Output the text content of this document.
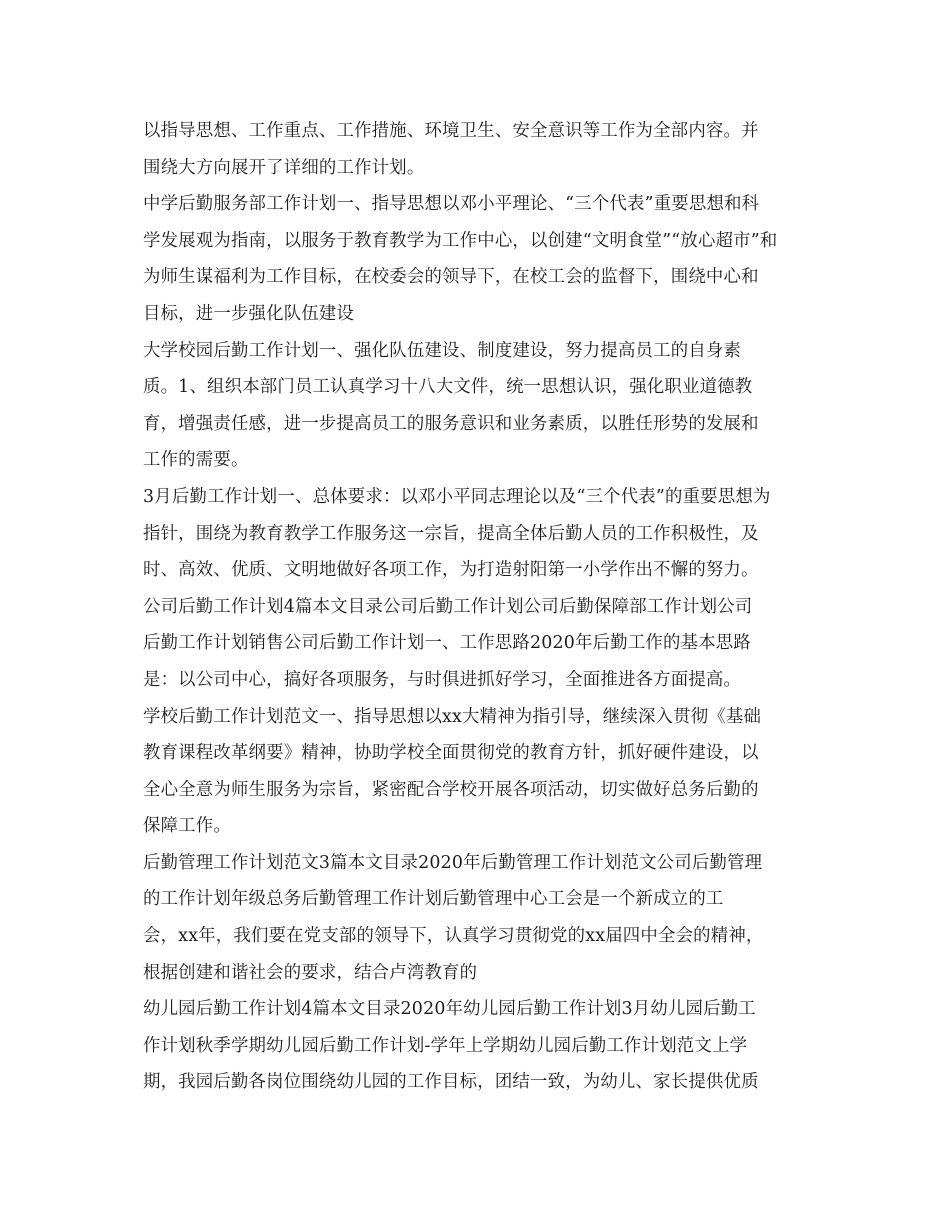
以指导思想、工作重点、工作措施、环境卫生、安全意识等工作为全部内容。并
围绕大方向展开了详细的工作计划。
中学后勤服务部工作计划一、指导思想以邓小平理论、“三个代表”重要思想和科
学发展观为指南，以服务于教育教学为工作中心，以创建“文明食堂”“放心超市”和
为师生谋福利为工作目标，在校委会的领导下，在校工会的监督下，围绕中心和
目标，进一步强化队伍建设
大学校园后勤工作计划一、强化队伍建设、制度建设，努力提高员工的自身素
质。1、组织本部门员工认真学习十八大文件，统一思想认识，强化职业道德教
育，增强责任感，进一步提高员工的服务意识和业务素质，以胜任形势的发展和
工作的需要。
3月后勤工作计划一、总体要求：以邓小平同志理论以及“三个代表”的重要思想为
指针，围绕为教育教学工作服务这一宗旨，提高全体后勤人员的工作积极性，及
时、高效、优质、文明地做好各项工作，为打造射阳第一小学作出不懈的努力。
公司后勤工作计划4篇本文目录公司后勤工作计划公司后勤保障部工作计划公司
后勤工作计划销售公司后勤工作计划一、工作思路2020年后勤工作的基本思路
是：以公司中心，搞好各项服务，与时俱进抓好学习，全面推进各方面提高。
学校后勤工作计划范文一、指导思想以xx大精神为指引导，继续深入贯彻《基础
教育课程改革纲要》精神，协助学校全面贯彻党的教育方针，抓好硬件建设，以
全心全意为师生服务为宗旨，紧密配合学校开展各项活动，切实做好总务后勤的
保障工作。
后勤管理工作计划范文3篇本文目录2020年后勤管理工作计划范文公司后勤管理
的工作计划年级总务后勤管理工作计划后勤管理中心工会是一个新成立的工
会，xx年，我们要在党支部的领导下，认真学习贯彻党的xx届四中全会的精神，
根据创建和谐社会的要求，结合卢湾教育的
幼儿园后勤工作计划4篇本文目录2020年幼儿园后勤工作计划3月幼儿园后勤工
作计划秋季学期幼儿园后勤工作计划-学年上学期幼儿园后勤工作计划范文上学
期，我园后勤各岗位围绕幼儿园的工作目标，团结一致，为幼儿、家长提供优质
